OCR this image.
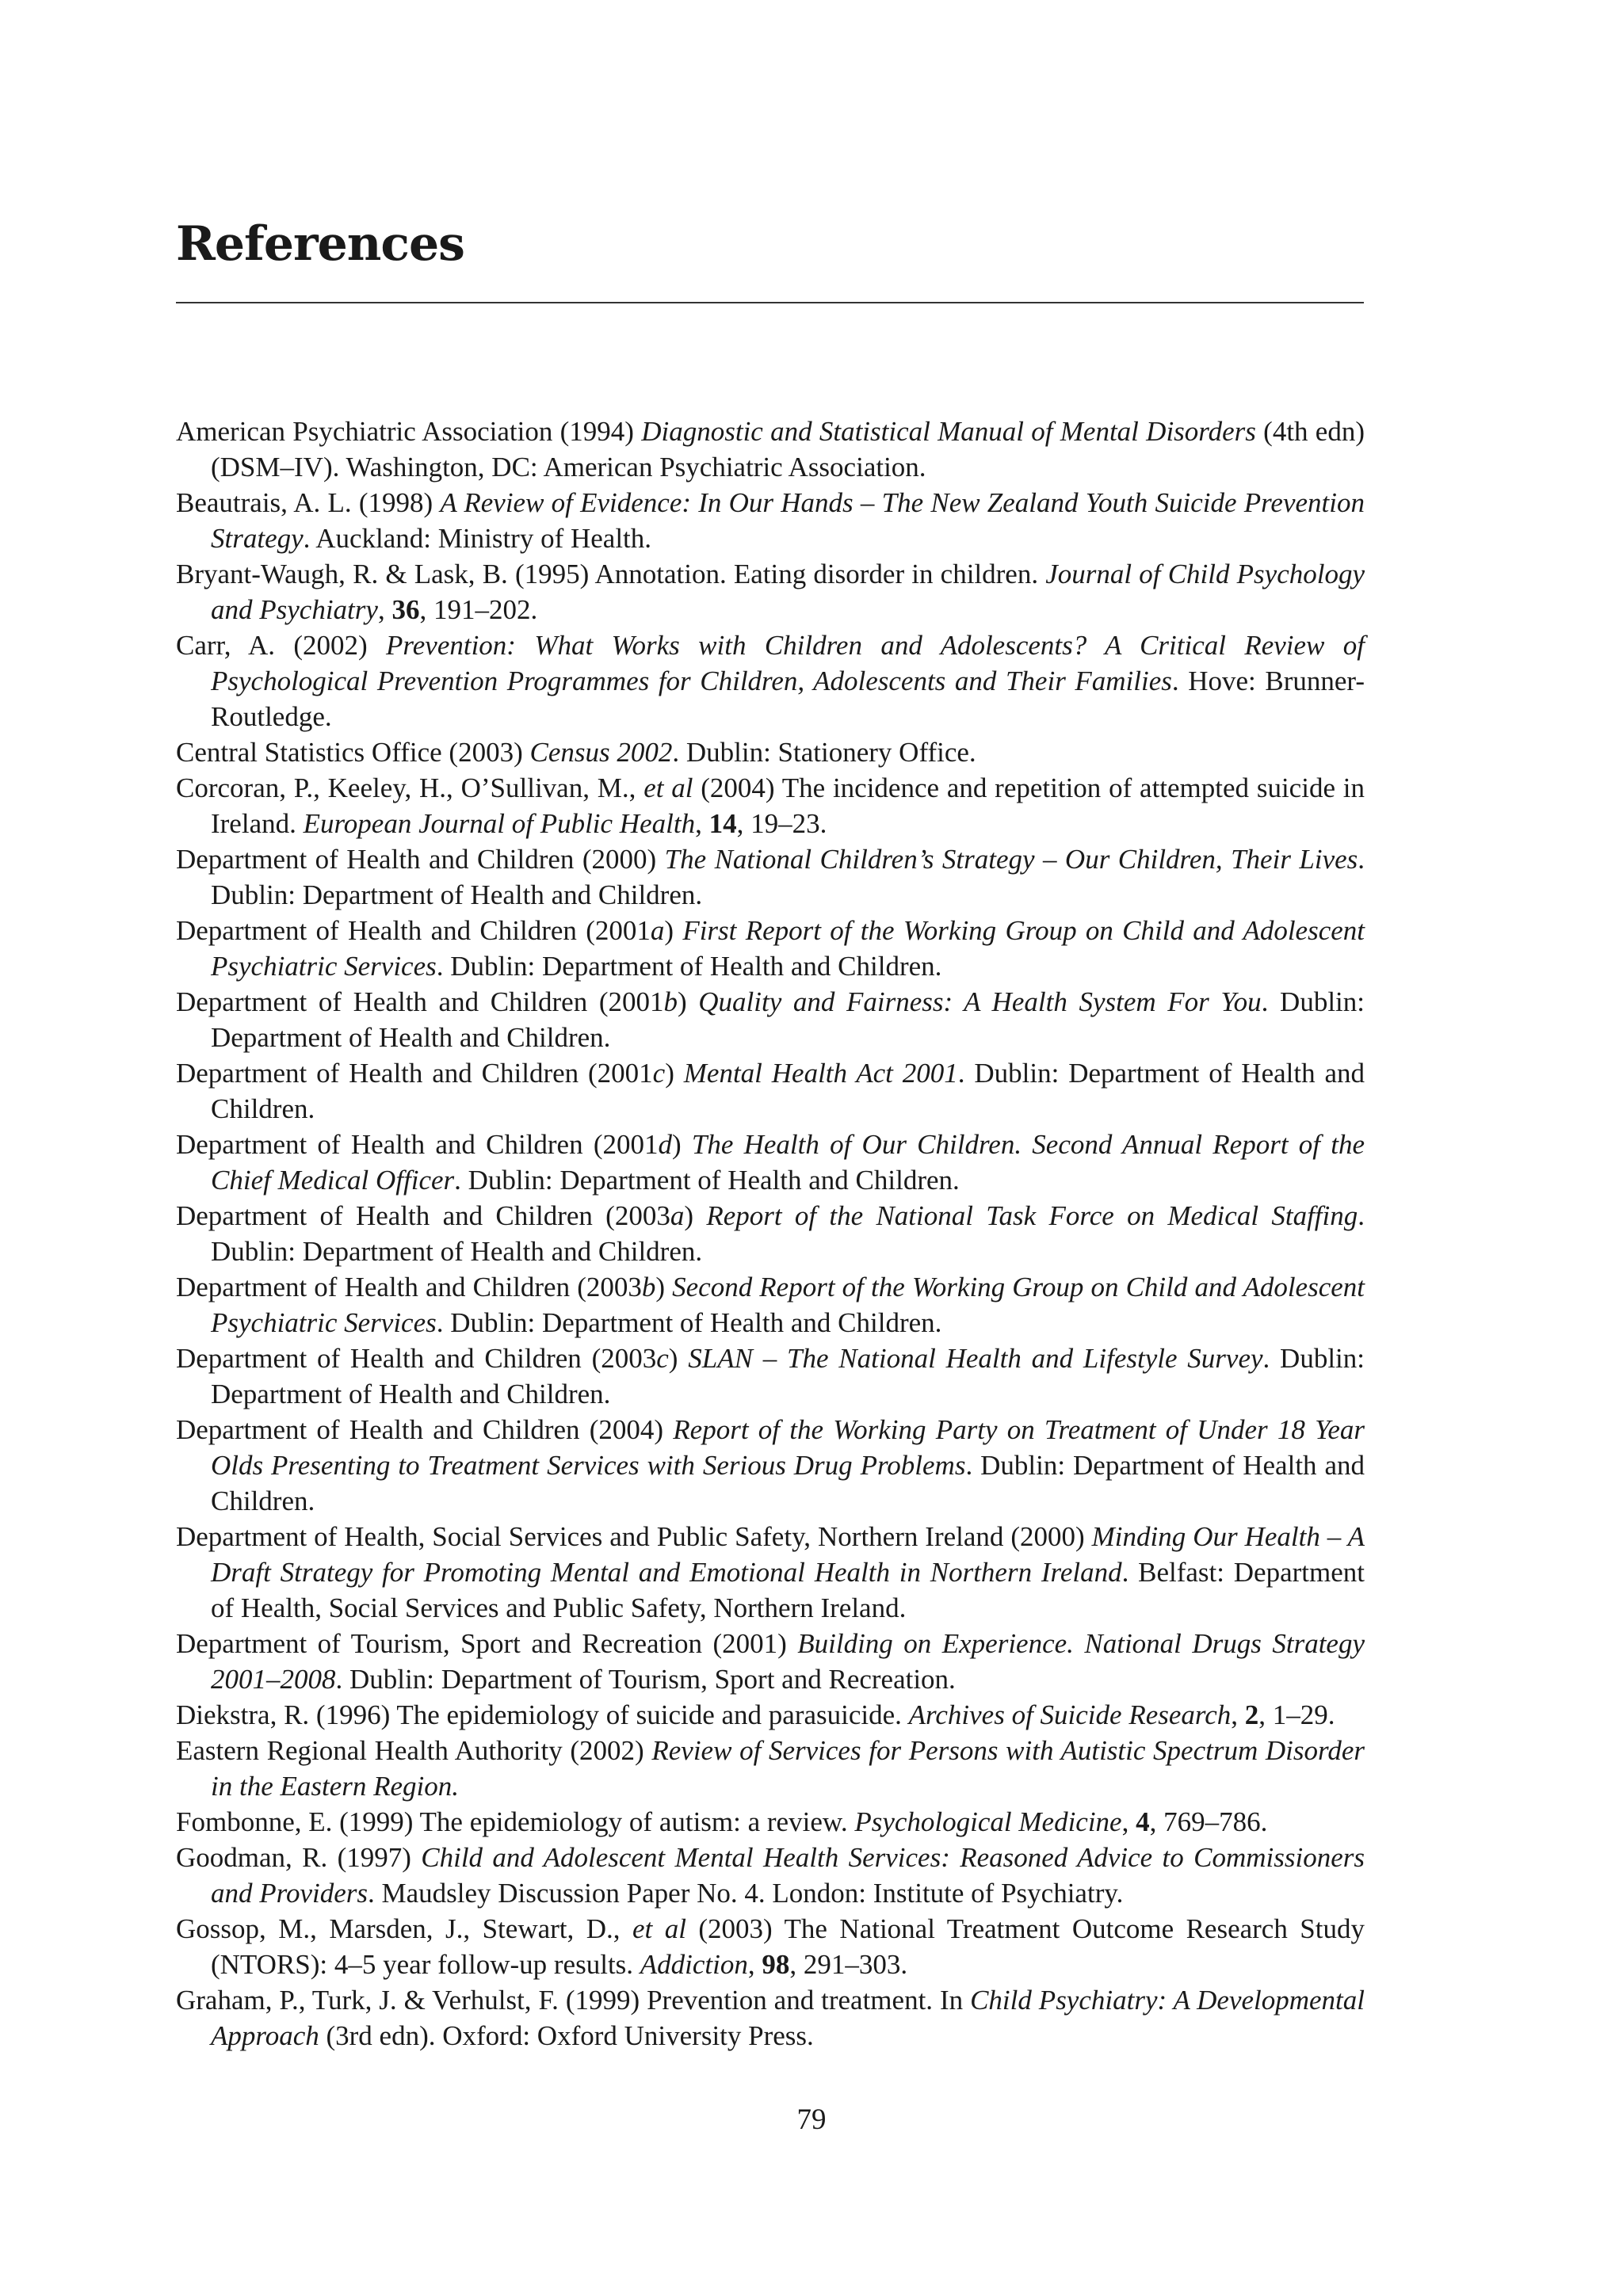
References
American Psychiatric Association (1994) Diagnostic and Statistical Manual of Mental Disorders (4th edn) (DSM–IV). Washington, DC: American Psychiatric Association.
Beautrais, A. L. (1998) A Review of Evidence: In Our Hands – The New Zealand Youth Suicide Prevention Strategy. Auckland: Ministry of Health.
Bryant-Waugh, R. & Lask, B. (1995) Annotation. Eating disorder in children. Journal of Child Psychology and Psychiatry, 36, 191–202.
Carr, A. (2002) Prevention: What Works with Children and Adolescents? A Critical Review of Psychological Prevention Programmes for Children, Adolescents and Their Families. Hove: Brunner-Routledge.
Central Statistics Office (2003) Census 2002. Dublin: Stationery Office.
Corcoran, P., Keeley, H., O’Sullivan, M., et al (2004) The incidence and repetition of attempted suicide in Ireland. European Journal of Public Health, 14, 19–23.
Department of Health and Children (2000) The National Children’s Strategy – Our Children, Their Lives. Dublin: Department of Health and Children.
Department of Health and Children (2001a) First Report of the Working Group on Child and Adolescent Psychiatric Services. Dublin: Department of Health and Children.
Department of Health and Children (2001b) Quality and Fairness: A Health System For You. Dublin: Department of Health and Children.
Department of Health and Children (2001c) Mental Health Act 2001. Dublin: Department of Health and Children.
Department of Health and Children (2001d) The Health of Our Children. Second Annual Report of the Chief Medical Officer. Dublin: Department of Health and Children.
Department of Health and Children (2003a) Report of the National Task Force on Medical Staffing. Dublin: Department of Health and Children.
Department of Health and Children (2003b) Second Report of the Working Group on Child and Adolescent Psychiatric Services. Dublin: Department of Health and Children.
Department of Health and Children (2003c) SLAN – The National Health and Lifestyle Survey. Dublin: Department of Health and Children.
Department of Health and Children (2004) Report of the Working Party on Treatment of Under 18 Year Olds Presenting to Treatment Services with Serious Drug Problems. Dublin: Department of Health and Children.
Department of Health, Social Services and Public Safety, Northern Ireland (2000) Minding Our Health – A Draft Strategy for Promoting Mental and Emotional Health in Northern Ireland. Belfast: Department of Health, Social Services and Public Safety, Northern Ireland.
Department of Tourism, Sport and Recreation (2001) Building on Experience. National Drugs Strategy 2001–2008. Dublin: Department of Tourism, Sport and Recreation.
Diekstra, R. (1996) The epidemiology of suicide and parasuicide. Archives of Suicide Research, 2, 1–29.
Eastern Regional Health Authority (2002) Review of Services for Persons with Autistic Spectrum Disorder in the Eastern Region.
Fombonne, E. (1999) The epidemiology of autism: a review. Psychological Medicine, 4, 769–786.
Goodman, R. (1997) Child and Adolescent Mental Health Services: Reasoned Advice to Commissioners and Providers. Maudsley Discussion Paper No. 4. London: Institute of Psychiatry.
Gossop, M., Marsden, J., Stewart, D., et al (2003) The National Treatment Outcome Research Study (NTORS): 4–5 year follow-up results. Addiction, 98, 291–303.
Graham, P., Turk, J. & Verhulst, F. (1999) Prevention and treatment. In Child Psychiatry: A Developmental Approach (3rd edn). Oxford: Oxford University Press.
79
